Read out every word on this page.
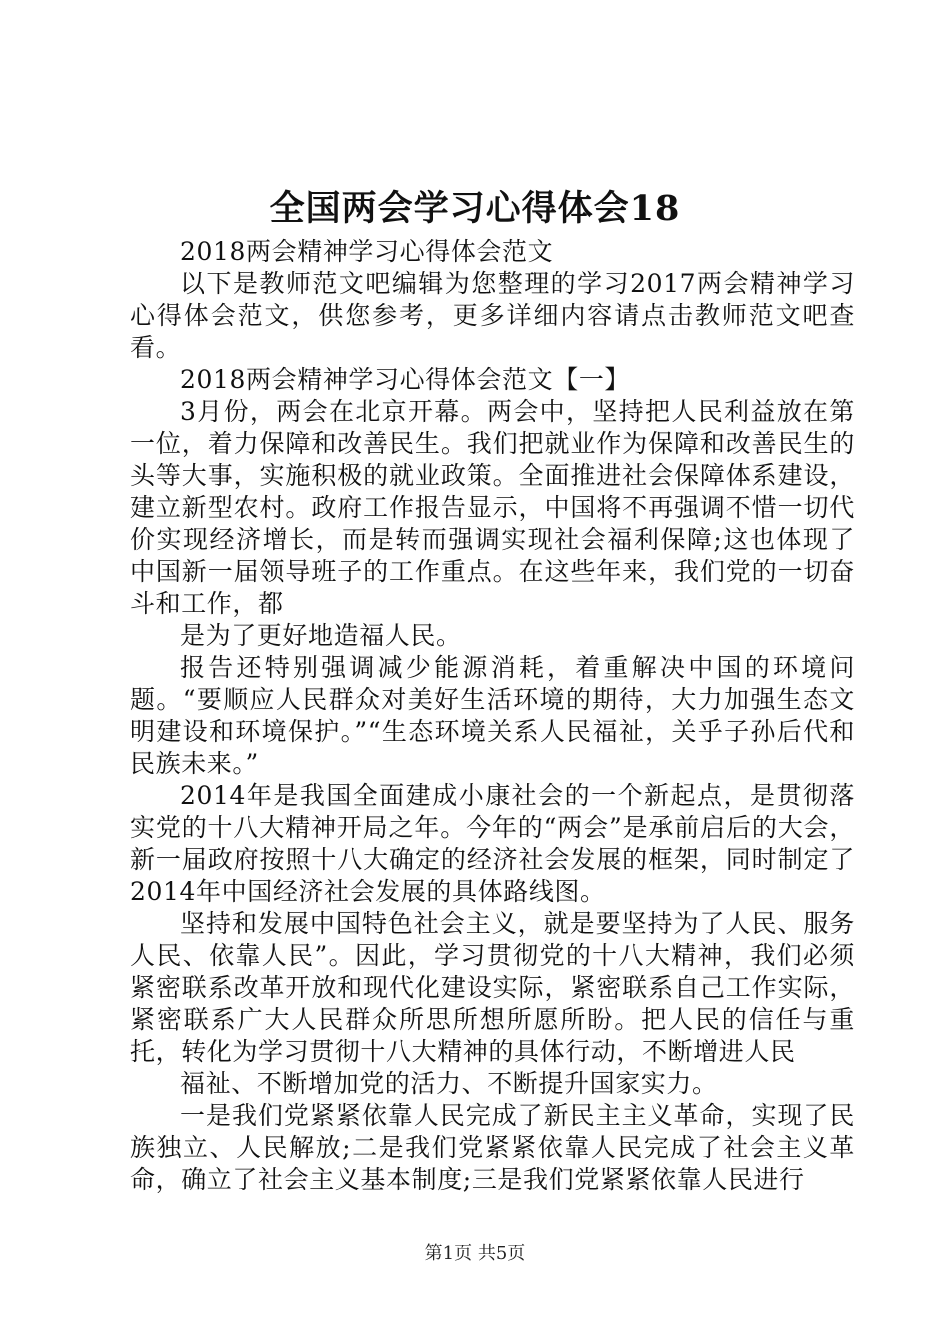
全国两会学习心得体会18

2018两会精神学习心得体会范文

以下是教师范文吧编辑为您整理的学习2017两会精神学习心得体会范文，供您参考，更多详细内容请点击教师范文吧查看。

2018两会精神学习心得体会范文【一】

3月份，两会在北京开幕。两会中，坚持把人民利益放在第一位，着力保障和改善民生。我们把就业作为保障和改善民生的头等大事，实施积极的就业政策。全面推进社会保障体系建设，建立新型农村。政府工作报告显示，中国将不再强调不惜一切代价实现经济增长，而是转而强调实现社会福利保障;这也体现了中国新一届领导班子的工作重点。在这些年来，我们党的一切奋斗和工作，都

是为了更好地造福人民。

报告还特别强调减少能源消耗，着重解决中国的环境问题。“要顺应人民群众对美好生活环境的期待，大力加强生态文明建设和环境保护。”“生态环境关系人民福祉，关乎子孙后代和民族未来。”

2014年是我国全面建成小康社会的一个新起点，是贯彻落实党的十八大精神开局之年。今年的“两会”是承前启后的大会，新一届政府按照十八大确定的经济社会发展的框架，同时制定了2014年中国经济社会发展的具体路线图。

坚持和发展中国特色社会主义，就是要坚持为了人民、服务人民、依靠人民”。因此，学习贯彻党的十八大精神，我们必须紧密联系改革开放和现代化建设实际，紧密联系自己工作实际，紧密联系广大人民群众所思所想所愿所盼。把人民的信任与重托，转化为学习贯彻十八大精神的具体行动，不断增进人民

福祉、不断增加党的活力、不断提升国家实力。

一是我们党紧紧依靠人民完成了新民主主义革命，实现了民族独立、人民解放;二是我们党紧紧依靠人民完成了社会主义革命，确立了社会主义基本制度;三是我们党紧紧依靠人民进行

第1页 共5页
